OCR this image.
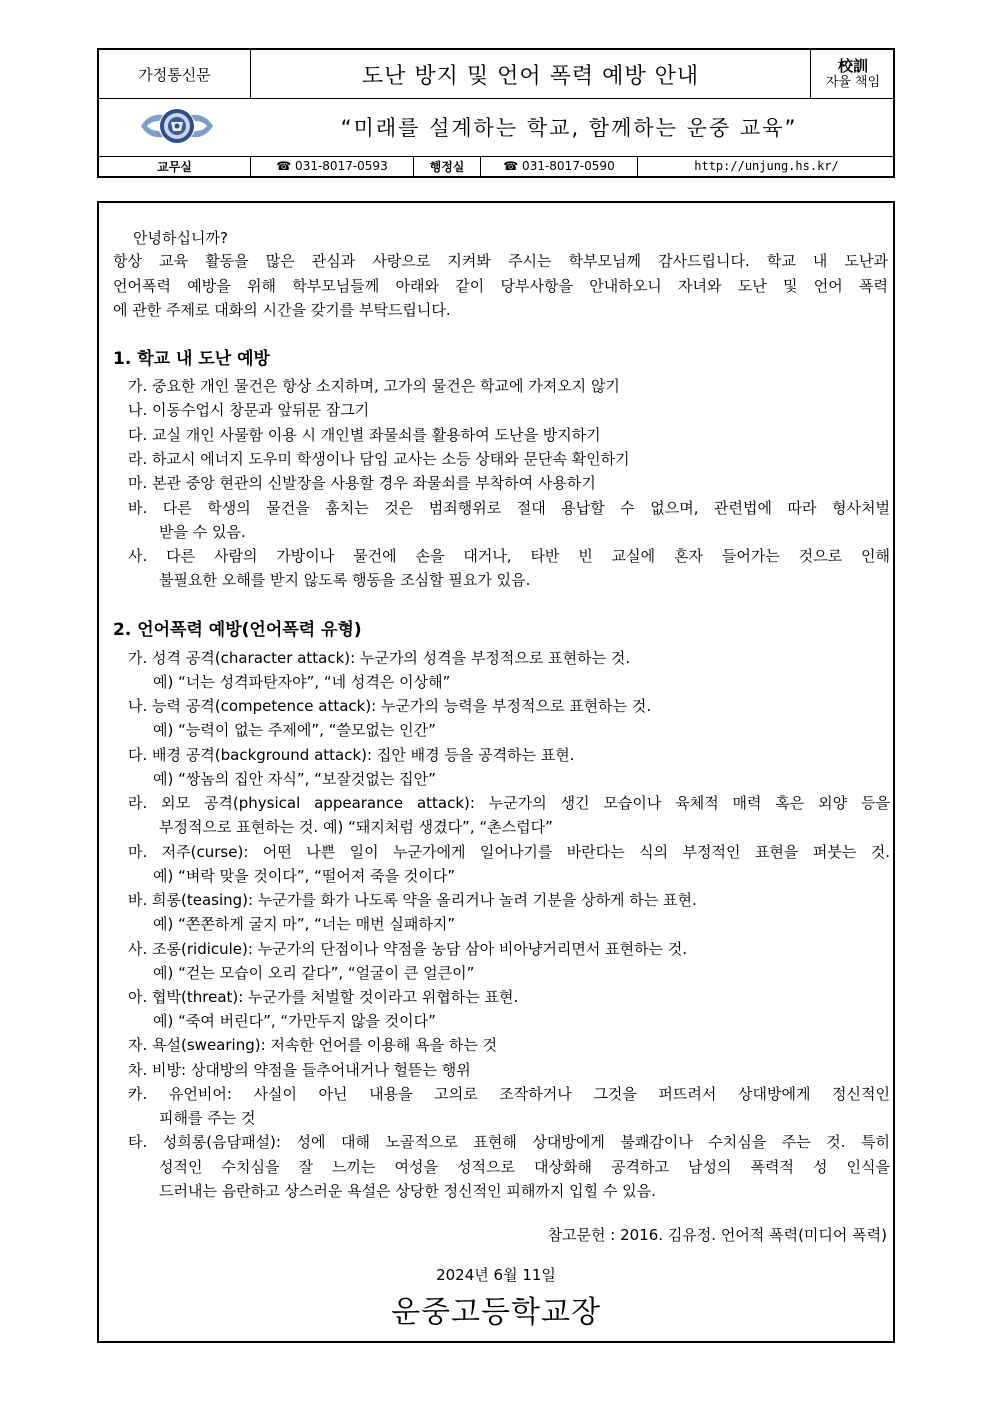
가정통신문	도난 방지 및 언어 폭력 예방 안내	校訓
자율 책임
“미래를 설계하는 학교, 함께하는 운중 교육”
교무실	☎ 031-8017-0593	행정실	☎ 031-8017-0590	http://unjung.hs.kr/
안녕하십니까?
항상 교육 활동을 많은 관심과 사랑으로 지켜봐 주시는 학부모님께 감사드립니다. 학교 내 도난과
언어폭력 예방을 위해 학부모님들께 아래와 같이 당부사항을 안내하오니 자녀와 도난 및 언어 폭력
에 관한 주제로 대화의 시간을 갖기를 부탁드립니다.
1. 학교 내 도난 예방
가. 중요한 개인 물건은 항상 소지하며, 고가의 물건은 학교에 가져오지 않기
나. 이동수업시 창문과 앞뒤문 잠그기
다. 교실 개인 사물함 이용 시 개인별 좌물쇠를 활용하여 도난을 방지하기
라. 하교시 에너지 도우미 학생이나 담임 교사는 소등 상태와 문단속 확인하기
마. 본관 중앙 현관의 신발장을 사용할 경우 좌물쇠를 부착하여 사용하기
바. 다른 학생의 물건을 훔치는 것은 범죄행위로 절대 용납할 수 없으며, 관련법에 따라 형사처벌
받을 수 있음.
사. 다른 사람의 가방이나 물건에 손을 대거나, 타반 빈 교실에 혼자 들어가는 것으로 인해
불필요한 오해를 받지 않도록 행동을 조심할 필요가 있음.
2. 언어폭력 예방(언어폭력 유형)
가. 성격 공격(character attack): 누군가의 성격을 부정적으로 표현하는 것.
예) “너는 성격파탄자야”, “네 성격은 이상해”
나. 능력 공격(competence attack): 누군가의 능력을 부정적으로 표현하는 것.
예) “능력이 없는 주제에”, “쓸모없는 인간”
다. 배경 공격(background attack): 집안 배경 등을 공격하는 표현.
예) “쌍놈의 집안 자식”, “보잘것없는 집안”
라. 외모 공격(physical appearance attack): 누군가의 생긴 모습이나 육체적 매력 혹은 외양 등을
부정적으로 표현하는 것. 예) “돼지처럼 생겼다”, “촌스럽다”
마. 저주(curse): 어떤 나쁜 일이 누군가에게 일어나기를 바란다는 식의 부정적인 표현을 퍼붓는 것.
예) “벼락 맞을 것이다”, “떨어져 죽을 것이다”
바. 희롱(teasing): 누군가를 화가 나도록 약을 올리거나 놀려 기분을 상하게 하는 표현.
예) “쫀쫀하게 굴지 마”, “너는 매번 실패하지”
사. 조롱(ridicule): 누군가의 단점이나 약점을 농담 삼아 비아냥거리면서 표현하는 것.
예) “걷는 모습이 오리 같다”, “얼굴이 큰 얼큰이”
아. 협박(threat): 누군가를 처벌할 것이라고 위협하는 표현.
예) “죽여 버린다”, “가만두지 않을 것이다”
자. 욕설(swearing): 저속한 언어를 이용해 욕을 하는 것
차. 비방: 상대방의 약점을 들추어내거나 헐뜯는 행위
카. 유언비어: 사실이 아닌 내용을 고의로 조작하거나 그것을 퍼뜨려서 상대방에게 정신적인
피해를 주는 것
타. 성희롱(음담패설): 성에 대해 노골적으로 표현해 상대방에게 불쾌감이나 수치심을 주는 것. 특히
성적인 수치심을 잘 느끼는 여성을 성적으로 대상화해 공격하고 남성의 폭력적 성 인식을
드러내는 음란하고 상스러운 욕설은 상당한 정신적인 피해까지 입힐 수 있음.
참고문헌 : 2016. 김유정. 언어적 폭력(미디어 폭력)
2024년 6월 11일
운중고등학교장
